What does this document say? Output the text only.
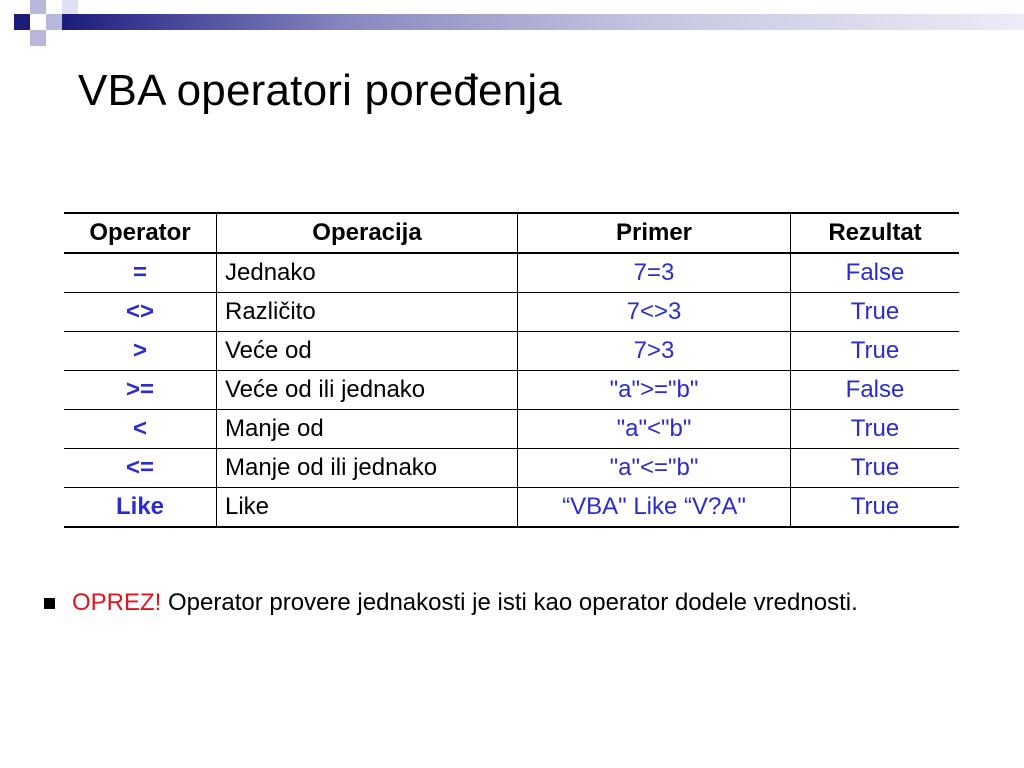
VBA operatori poređenja
Operator	Operacija	Primer	Rezultat
=	Jednako	7=3	False
<>	Različito	7<>3	True
>	Veće od	7>3	True
>=	Veće od ili jednako	"a">="b"	False
<	Manje od	"a"<"b"	True
<=	Manje od ili jednako	"a"<="b"	True
Like	Like	“VBA" Like “V?A"	True
OPREZ! Operator provere jednakosti je isti kao operator dodele vrednosti.
